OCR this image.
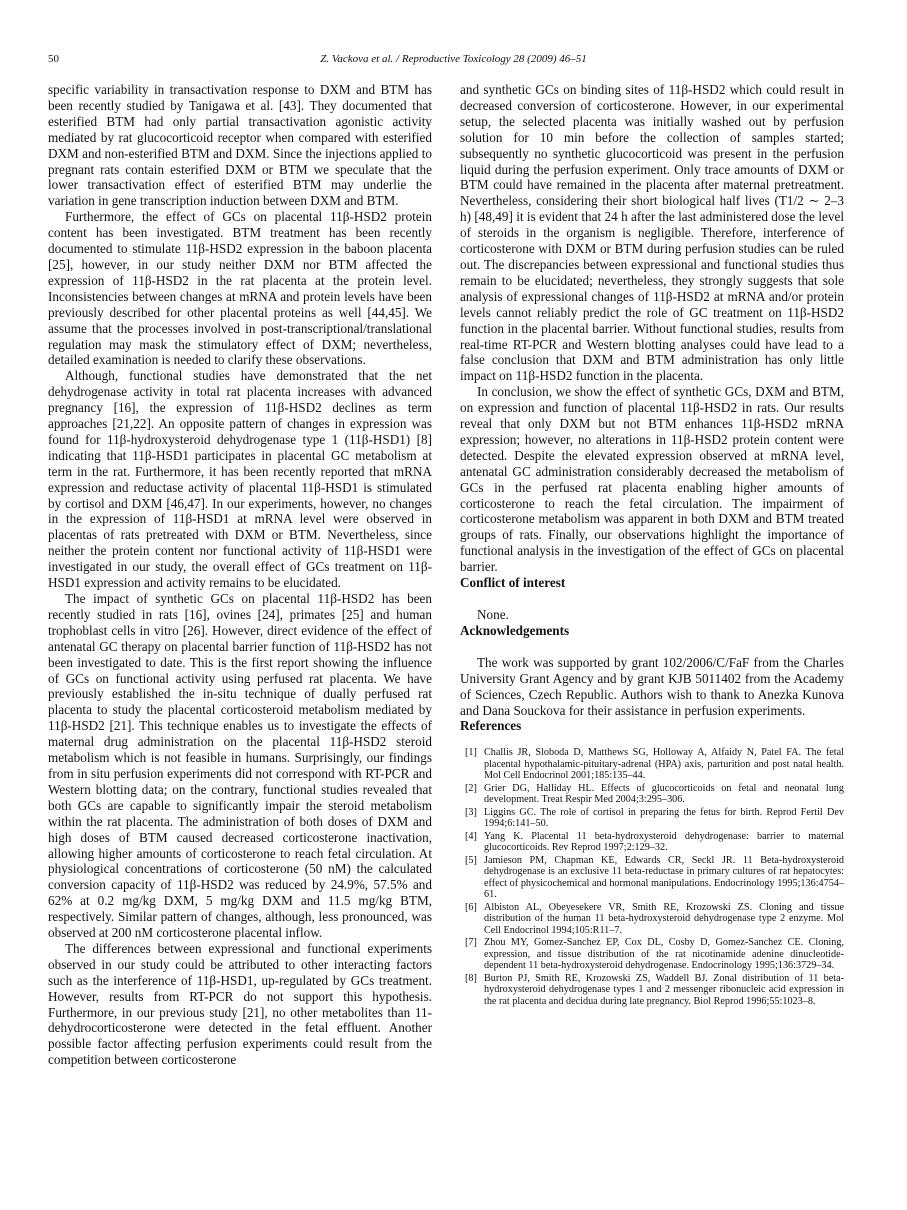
50	Z. Vackova et al. / Reproductive Toxicology 28 (2009) 46–51

specific variability in transactivation response to DXM and BTM has been recently studied by Tanigawa et al. [43]. They documented that esterified BTM had only partial transactivation agonistic activity mediated by rat glucocorticoid receptor when compared with esterified DXM and non-esterified BTM and DXM. Since the injections applied to pregnant rats contain esterified DXM or BTM we speculate that the lower transactivation effect of esterified BTM may underlie the variation in gene transcription induction between DXM and BTM.

Furthermore, the effect of GCs on placental 11β-HSD2 protein content has been investigated. BTM treatment has been recently documented to stimulate 11β-HSD2 expression in the baboon placenta [25], however, in our study neither DXM nor BTM affected the expression of 11β-HSD2 in the rat placenta at the protein level. Inconsistencies between changes at mRNA and protein levels have been previously described for other placental proteins as well [44,45]. We assume that the processes involved in post-transcriptional/translational regulation may mask the stimulatory effect of DXM; nevertheless, detailed examination is needed to clarify these observations.

Although, functional studies have demonstrated that the net dehydrogenase activity in total rat placenta increases with advanced pregnancy [16], the expression of 11β-HSD2 declines as term approaches [21,22]. An opposite pattern of changes in expression was found for 11β-hydroxysteroid dehydrogenase type 1 (11β-HSD1) [8] indicating that 11β-HSD1 participates in placental GC metabolism at term in the rat. Furthermore, it has been recently reported that mRNA expression and reductase activity of placental 11β-HSD1 is stimulated by cortisol and DXM [46,47]. In our experiments, however, no changes in the expression of 11β-HSD1 at mRNA level were observed in placentas of rats pretreated with DXM or BTM. Nevertheless, since neither the protein content nor functional activity of 11β-HSD1 were investigated in our study, the overall effect of GCs treatment on 11β-HSD1 expression and activity remains to be elucidated.

The impact of synthetic GCs on placental 11β-HSD2 has been recently studied in rats [16], ovines [24], primates [25] and human trophoblast cells in vitro [26]. However, direct evidence of the effect of antenatal GC therapy on placental barrier function of 11β-HSD2 has not been investigated to date. This is the first report showing the influence of GCs on functional activity using perfused rat placenta. We have previously established the in-situ technique of dually perfused rat placenta to study the placental corticosteroid metabolism mediated by 11β-HSD2 [21]. This technique enables us to investigate the effects of maternal drug administration on the placental 11β-HSD2 steroid metabolism which is not feasible in humans. Surprisingly, our findings from in situ perfusion experiments did not correspond with RT-PCR and Western blotting data; on the contrary, functional studies revealed that both GCs are capable to significantly impair the steroid metabolism within the rat placenta. The administration of both doses of DXM and high doses of BTM caused decreased corticosterone inactivation, allowing higher amounts of corticosterone to reach fetal circulation. At physiological concentrations of corticosterone (50 nM) the calculated conversion capacity of 11β-HSD2 was reduced by 24.9%, 57.5% and 62% at 0.2 mg/kg DXM, 5 mg/kg DXM and 11.5 mg/kg BTM, respectively. Similar pattern of changes, although, less pronounced, was observed at 200 nM corticosterone placental inflow.

The differences between expressional and functional experiments observed in our study could be attributed to other interacting factors such as the interference of 11β-HSD1, up-regulated by GCs treatment. However, results from RT-PCR do not support this hypothesis. Furthermore, in our previous study [21], no other metabolites than 11-dehydrocorticosterone were detected in the fetal effluent. Another possible factor affecting perfusion experiments could result from the competition between corticosterone

and synthetic GCs on binding sites of 11β-HSD2 which could result in decreased conversion of corticosterone. However, in our experimental setup, the selected placenta was initially washed out by perfusion solution for 10 min before the collection of samples started; subsequently no synthetic glucocorticoid was present in the perfusion liquid during the perfusion experiment. Only trace amounts of DXM or BTM could have remained in the placenta after maternal pretreatment. Nevertheless, considering their short biological half lives (T1/2 ∼ 2–3 h) [48,49] it is evident that 24 h after the last administered dose the level of steroids in the organism is negligible. Therefore, interference of corticosterone with DXM or BTM during perfusion studies can be ruled out. The discrepancies between expressional and functional studies thus remain to be elucidated; nevertheless, they strongly suggests that sole analysis of expressional changes of 11β-HSD2 at mRNA and/or protein levels cannot reliably predict the role of GC treatment on 11β-HSD2 function in the placental barrier. Without functional studies, results from real-time RT-PCR and Western blotting analyses could have lead to a false conclusion that DXM and BTM administration has only little impact on 11β-HSD2 function in the placenta.

In conclusion, we show the effect of synthetic GCs, DXM and BTM, on expression and function of placental 11β-HSD2 in rats. Our results reveal that only DXM but not BTM enhances 11β-HSD2 mRNA expression; however, no alterations in 11β-HSD2 protein content were detected. Despite the elevated expression observed at mRNA level, antenatal GC administration considerably decreased the metabolism of GCs in the perfused rat placenta enabling higher amounts of corticosterone to reach the fetal circulation. The impairment of corticosterone metabolism was apparent in both DXM and BTM treated groups of rats. Finally, our observations highlight the importance of functional analysis in the investigation of the effect of GCs on placental barrier.

Conflict of interest

None.

Acknowledgements

The work was supported by grant 102/2006/C/FaF from the Charles University Grant Agency and by grant KJB 5011402 from the Academy of Sciences, Czech Republic. Authors wish to thank to Anezka Kunova and Dana Souckova for their assistance in perfusion experiments.

References
[1] Challis JR, Sloboda D, Matthews SG, Holloway A, Alfaidy N, Patel FA. The fetal placental hypothalamic-pituitary-adrenal (HPA) axis, parturition and post natal health. Mol Cell Endocrinol 2001;185:135–44.
[2] Grier DG, Halliday HL. Effects of glucocorticoids on fetal and neonatal lung development. Treat Respir Med 2004;3:295–306.
[3] Liggins GC. The role of cortisol in preparing the fetus for birth. Reprod Fertil Dev 1994;6:141–50.
[4] Yang K. Placental 11 beta-hydroxysteroid dehydrogenase: barrier to maternal glucocorticoids. Rev Reprod 1997;2:129–32.
[5] Jamieson PM, Chapman KE, Edwards CR, Seckl JR. 11 Beta-hydroxysteroid dehydrogenase is an exclusive 11 beta-reductase in primary cultures of rat hepatocytes: effect of physicochemical and hormonal manipulations. Endocrinology 1995;136:4754–61.
[6] Albiston AL, Obeyesekere VR, Smith RE, Krozowski ZS. Cloning and tissue distribution of the human 11 beta-hydroxysteroid dehydrogenase type 2 enzyme. Mol Cell Endocrinol 1994;105:R11–7.
[7] Zhou MY, Gomez-Sanchez EP, Cox DL, Cosby D, Gomez-Sanchez CE. Cloning, expression, and tissue distribution of the rat nicotinamide adenine dinucleotide-dependent 11 beta-hydroxysteroid dehydrogenase. Endocrinology 1995;136:3729–34.
[8] Burton PJ, Smith RE, Krozowski ZS, Waddell BJ. Zonal distribution of 11 beta-hydroxysteroid dehydrogenase types 1 and 2 messenger ribonucleic acid expression in the rat placenta and decidua during late pregnancy. Biol Reprod 1996;55:1023–8.
